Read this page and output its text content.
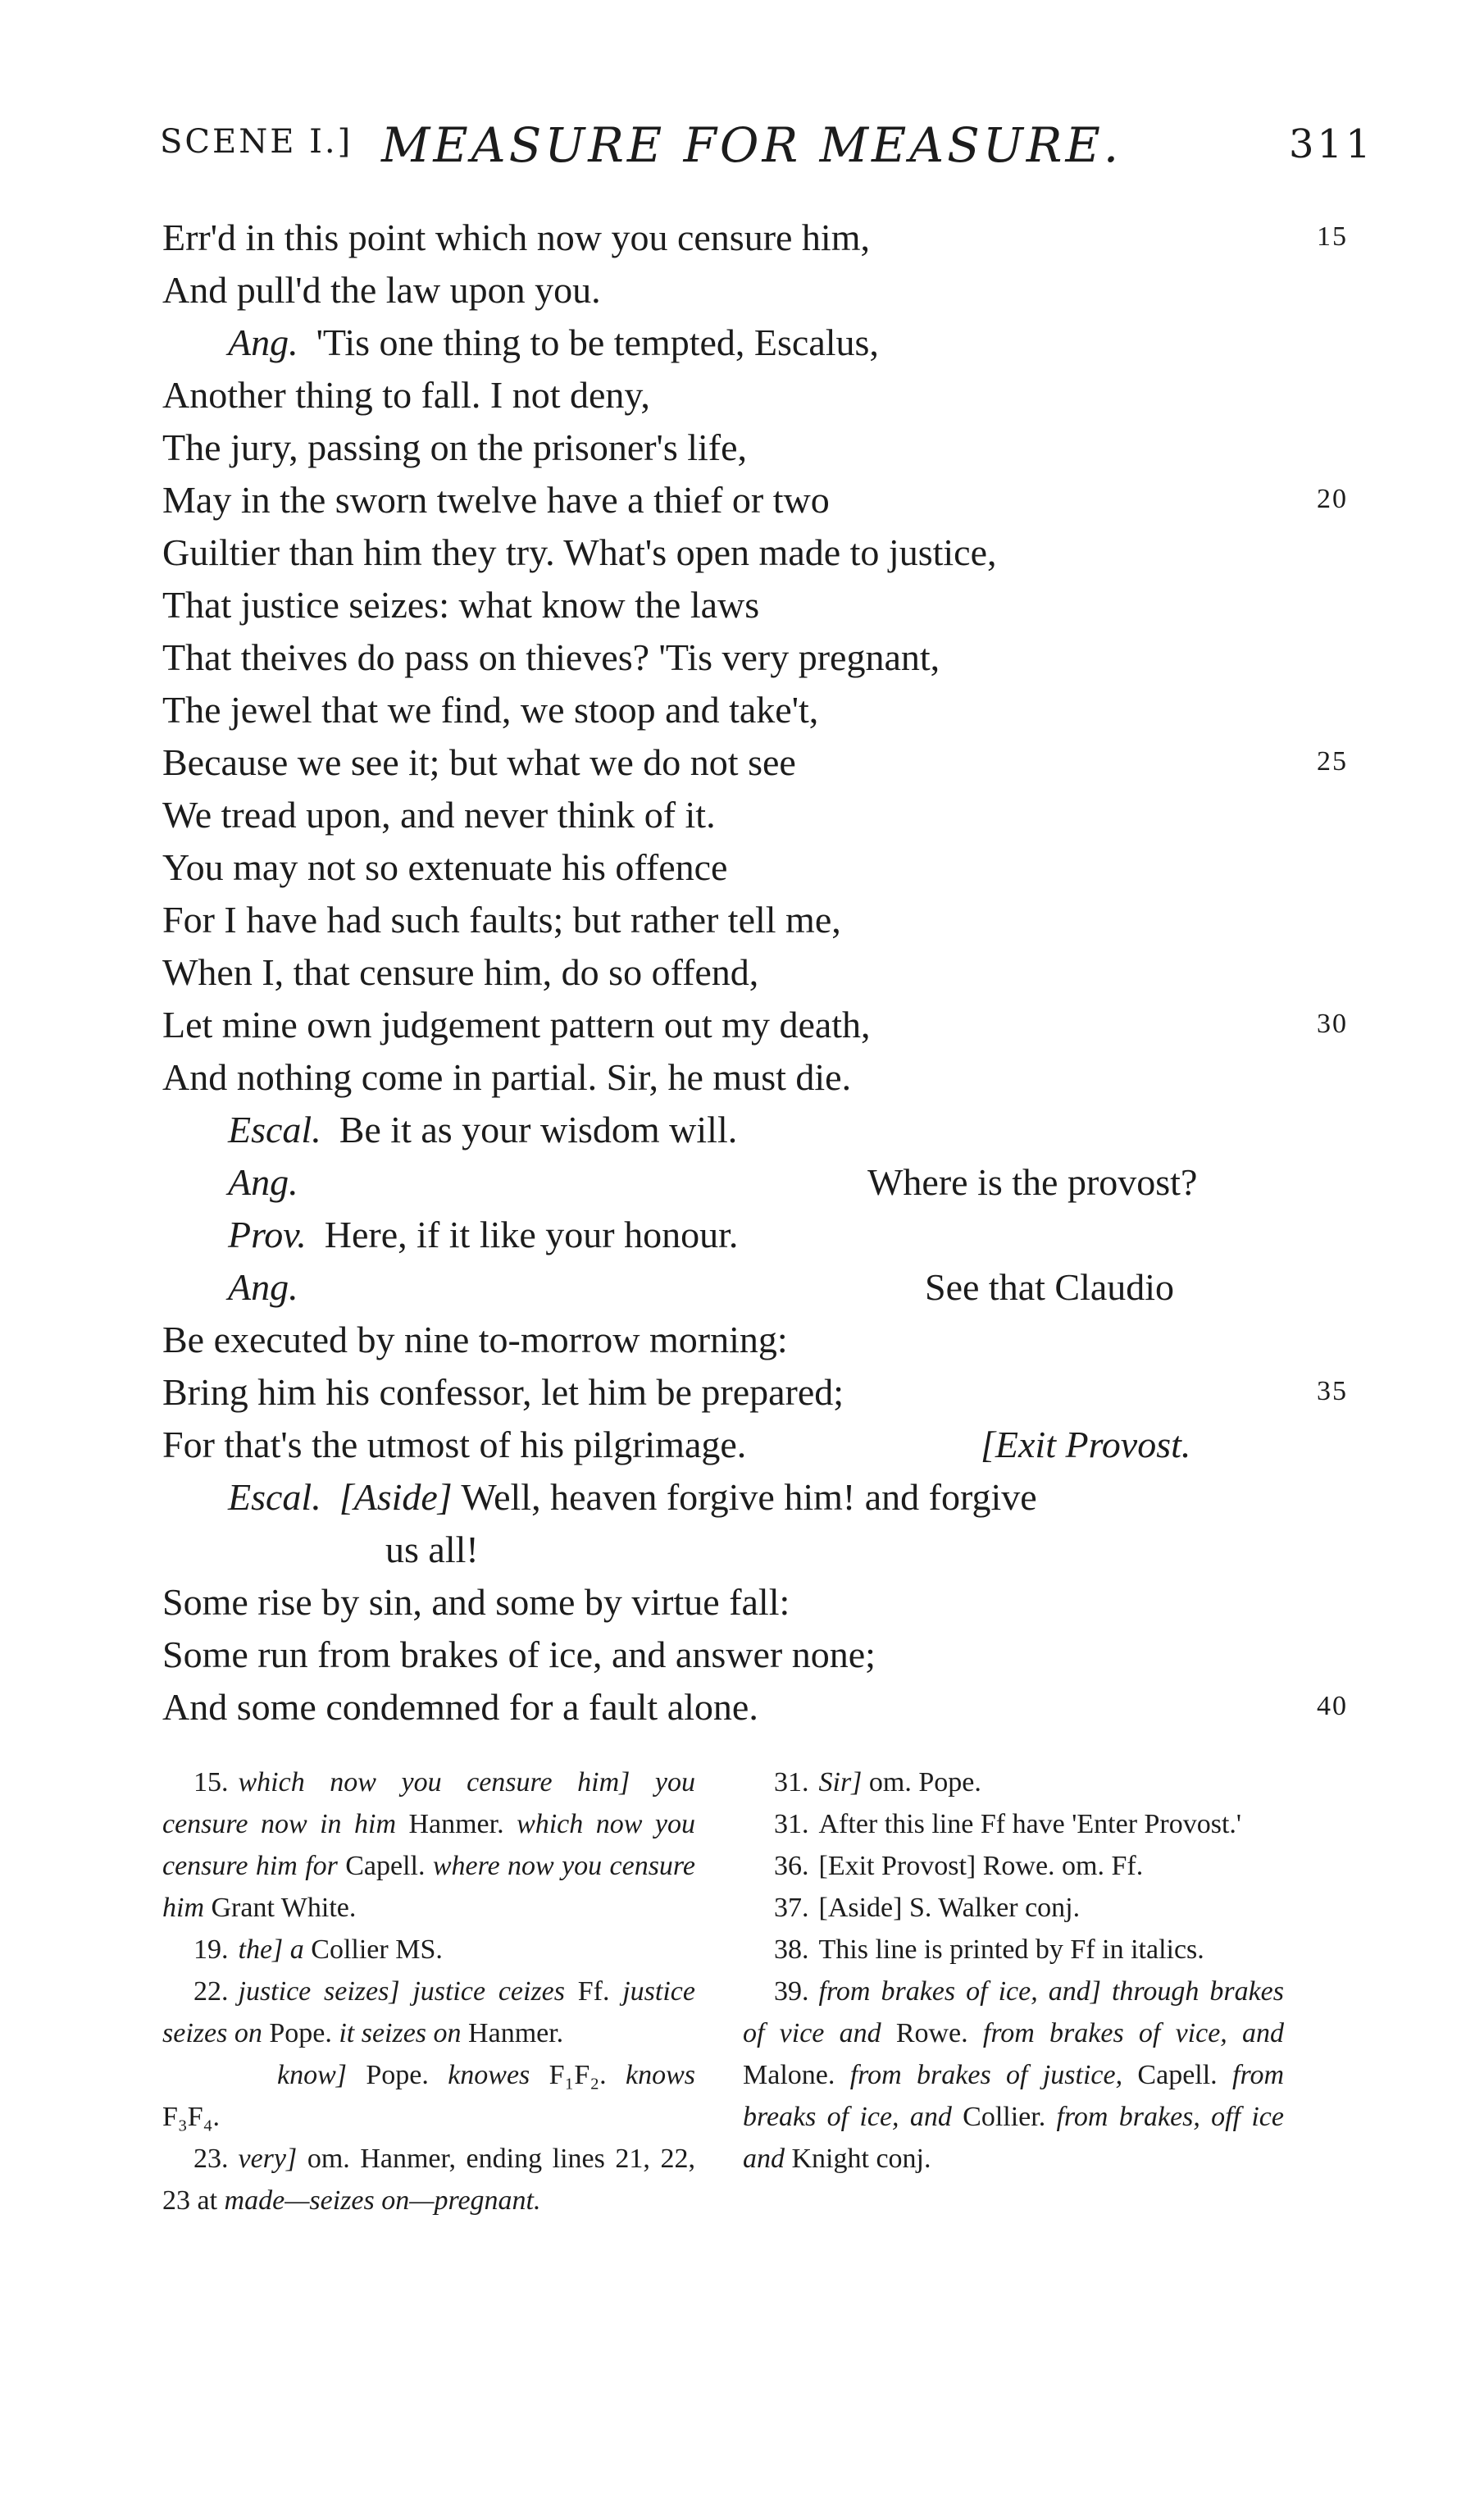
SCENE I.] MEASURE FOR MEASURE.	311
Err'd in this point which now you censure him,	15
And pull'd the law upon you.
Ang. 'Tis one thing to be tempted, Escalus,
Another thing to fall. I not deny,
The jury, passing on the prisoner's life,
May in the sworn twelve have a thief or two	20
Guiltier than him they try. What's open made to justice,
That justice seizes: what know the laws
That theives do pass on thieves? 'Tis very pregnant,
The jewel that we find, we stoop and take't,
Because we see it; but what we do not see	25
We tread upon, and never think of it.
You may not so extenuate his offence
For I have had such faults; but rather tell me,
When I, that censure him, do so offend,
Let mine own judgement pattern out my death,	30
And nothing come in partial. Sir, he must die.
Escal. Be it as your wisdom will.
Ang.	Where is the provost?
Prov. Here, if it like your honour.
Ang.	See that Claudio
Be executed by nine to-morrow morning:
Bring him his confessor, let him be prepared;	35
For that's the utmost of his pilgrimage.	[Exit Provost.
Escal. [Aside] Well, heaven forgive him! and forgive
us all!
Some rise by sin, and some by virtue fall:
Some run from brakes of ice, and answer none;
And some condemned for a fault alone.	40

15. which now you censure him] you censure now in him Hanmer. which now you censure him for Capell. where now you censure him Grant White.

19. the] a Collier MS.

22. justice seizes] justice ceizes Ff. justice seizes on Pope. it seizes on Hanmer.

know] Pope. knowes F₁F₂. knows F₃F₄.

23. very] om. Hanmer, ending lines 21, 22, 23 at made—seizes on—pregnant.

31. Sir] om. Pope.

31. After this line Ff have 'Enter Provost.'

36. [Exit Provost] Rowe. om. Ff.

37. [Aside] S. Walker conj.

38. This line is printed by Ff in italics.

39. from brakes of ice, and] through brakes of vice and Rowe. from brakes of vice, and Malone. from brakes of justice, Capell. from breaks of ice, and Collier. from brakes, off ice and Knight conj.
